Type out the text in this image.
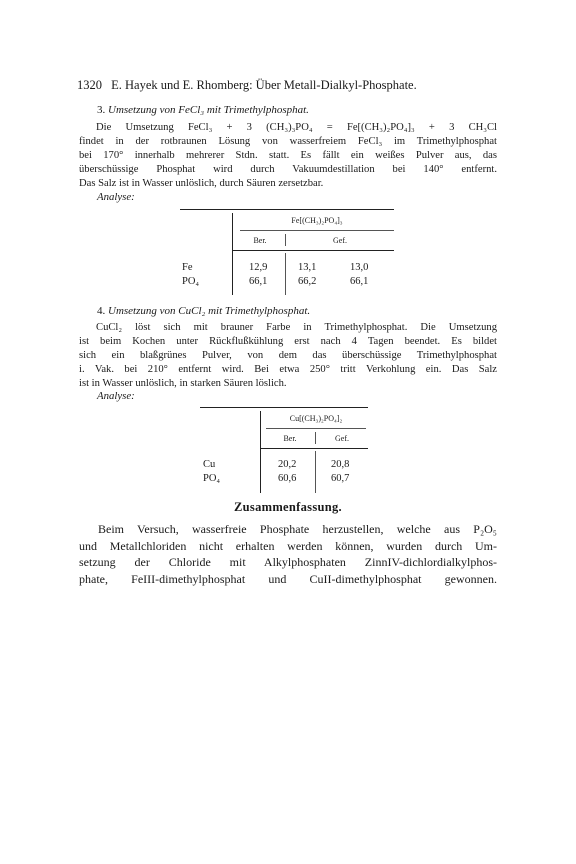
1320 E. Hayek und E. Rhomberg: Über Metall-Dialkyl-Phosphate.
3. Umsetzung von FeCl₃ mit Trimethylphosphat.
Die Umsetzung FeCl₃ + 3 (CH₃)₃PO₄ = Fe[(CH₃)₂PO₄]₃ + 3 CH₃Cl
findet in der rotbraunen Lösung von wasserfreiem FeCl₃ im Trimethylphosphat
bei 170° innerhalb mehrerer Stdn. statt. Es fällt ein weißes Pulver aus, das
überschüssige Phosphat wird durch Vakuumdestillation bei 140° entfernt.
Das Salz ist in Wasser unlöslich, durch Säuren zersetzbar.
Analyse:
Fe[(CH₃)₂PO₄]₃
Ber.	Gef.
Fe	12,9	13,1	13,0
PO₄	66,1	66,2	66,1
4. Umsetzung von CuCl₂ mit Trimethylphosphat.
CuCl₂ löst sich mit brauner Farbe in Trimethylphosphat. Die Umsetzung
ist beim Kochen unter Rückflußkühlung erst nach 4 Tagen beendet. Es bildet
sich ein blaßgrünes Pulver, von dem das überschüssige Trimethylphosphat
i. Vak. bei 210° entfernt wird. Bei etwa 250° tritt Verkohlung ein. Das Salz
ist in Wasser unlöslich, in starken Säuren löslich.
Analyse:
Cu[(CH₃)₂PO₄]₂
Ber.	Gef.
Cu	20,2	20,8
PO₄	60,6	60,7
Zusammenfassung.
Beim Versuch, wasserfreie Phosphate herzustellen, welche aus P₂O₅
und Metallchloriden nicht erhalten werden können, wurden durch Um-
setzung der Chloride mit Alkylphosphaten ZinnIV-dichlordialkylphos-
phate, FeIII-dimethylphosphat und CuII-dimethylphosphat gewonnen.
